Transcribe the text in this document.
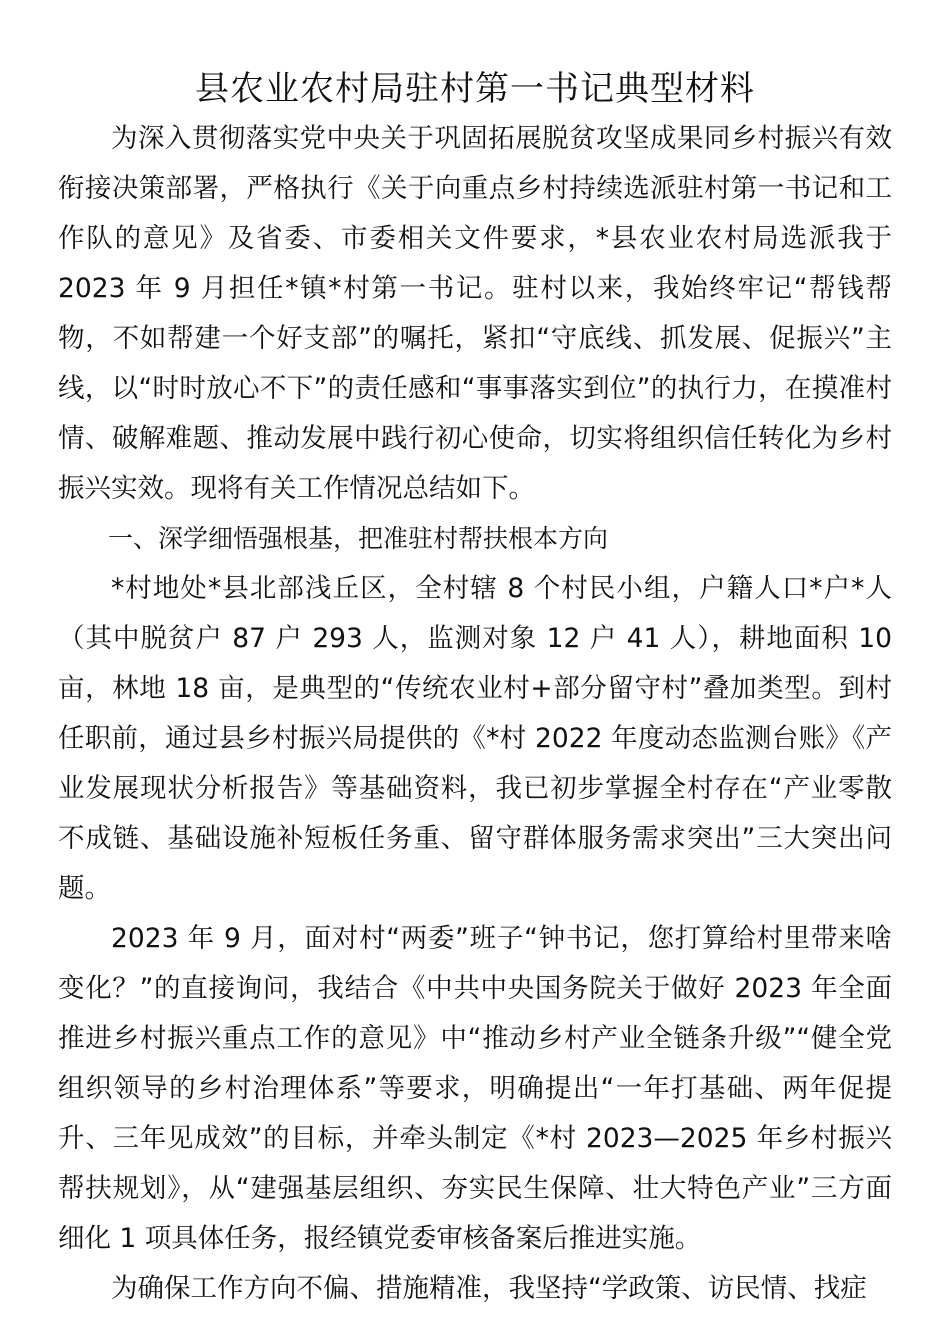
县农业农村局驻村第一书记典型材料

为深入贯彻落实党中央关于巩固拓展脱贫攻坚成果同乡村振兴有效衔接决策部署，严格执行《关于向重点乡村持续选派驻村第一书记和工作队的意见》及省委、市委相关文件要求，*县农业农村局选派我于 2023 年 9 月担任*镇*村第一书记。驻村以来，我始终牢记“帮钱帮物，不如帮建一个好支部”的嘱托，紧扣“守底线、抓发展、促振兴”主线，以“时时放心不下”的责任感和“事事落实到位”的执行力，在摸准村情、破解难题、推动发展中践行初心使命，切实将组织信任转化为乡村振兴实效。现将有关工作情况总结如下。

一、深学细悟强根基，把准驻村帮扶根本方向

*村地处*县北部浅丘区，全村辖 8 个村民小组，户籍人口*户*人（其中脱贫户 87 户 293 人，监测对象 12 户 41 人），耕地面积 10 亩，林地 18 亩，是典型的“传统农业村+部分留守村”叠加类型。到村任职前，通过县乡村振兴局提供的《*村 2022 年度动态监测台账》《产业发展现状分析报告》等基础资料，我已初步掌握全村存在“产业零散不成链、基础设施补短板任务重、留守群体服务需求突出”三大突出问题。

2023 年 9 月，面对村“两委”班子“钟书记，您打算给村里带来啥变化？”的直接询问，我结合《中共中央国务院关于做好 2023 年全面推进乡村振兴重点工作的意见》中“推动乡村产业全链条升级”“健全党组织领导的乡村治理体系”等要求，明确提出“一年打基础、两年促提升、三年见成效”的目标，并牵头制定《*村 2023—2025 年乡村振兴帮扶规划》，从“建强基层组织、夯实民生保障、壮大特色产业”三方面细化 1 项具体任务，报经镇党委审核备案后推进实施。

为确保工作方向不偏、措施精准，我坚持“学政策、访民情、找症
